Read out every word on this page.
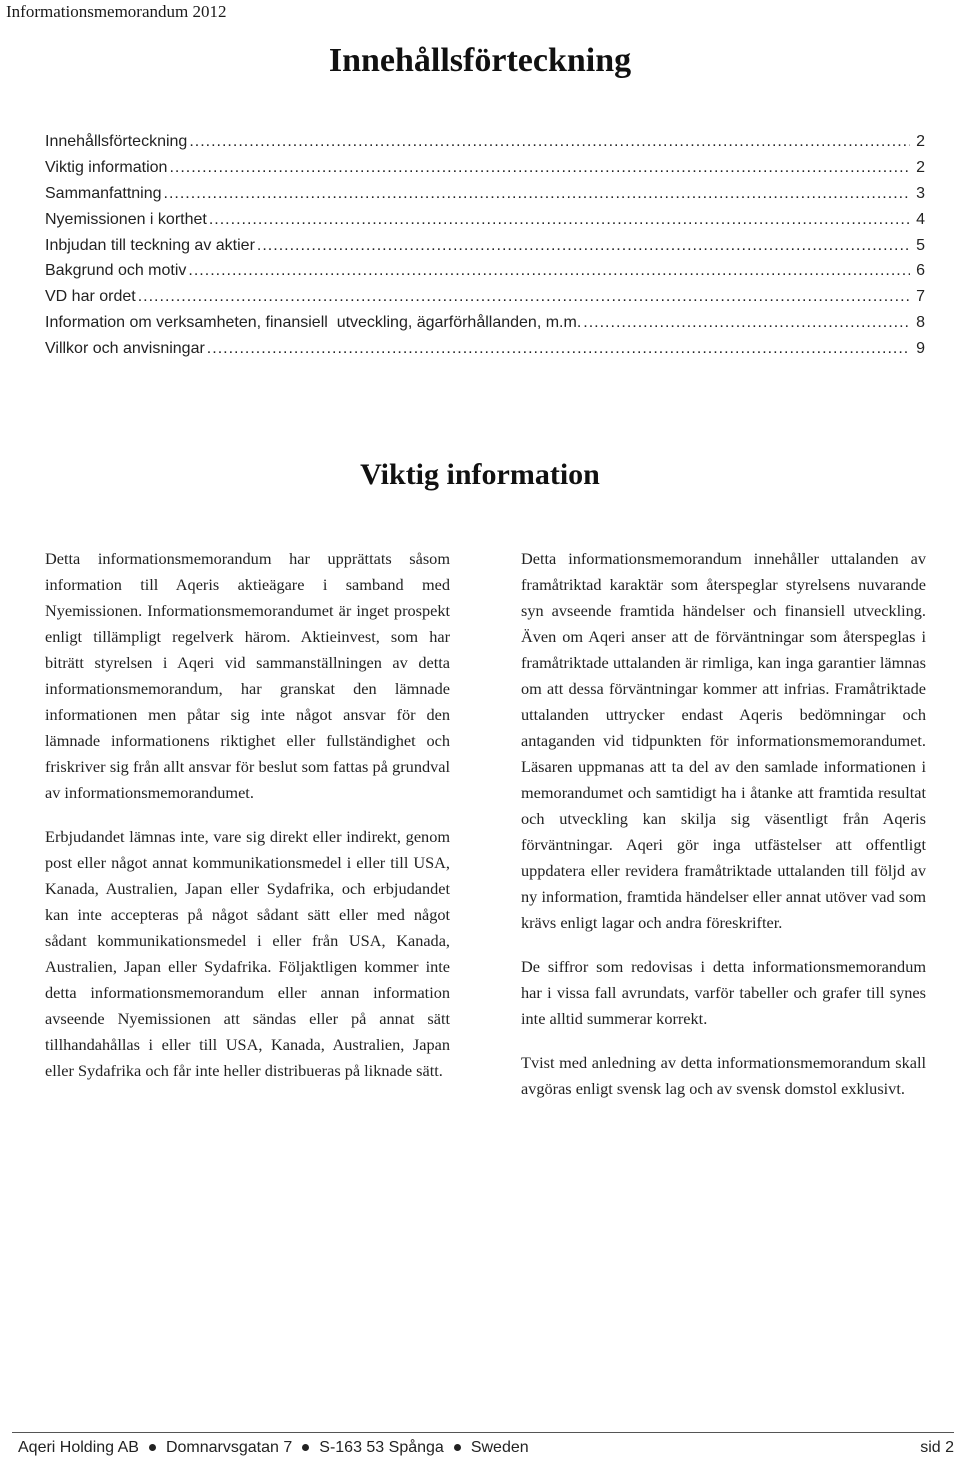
Informationsmemorandum 2012
Innehållsförteckning
Innehållsförteckning .....	2
Viktig information .....	2
Sammanfattning .....	3
Nyemissionen i korthet .....	4
Inbjudan till teckning av aktier .....	5
Bakgrund och motiv .....	6
VD har ordet .....	7
Information om verksamheten, finansiell  utveckling, ägarförhållanden, m.m. .....	8
Villkor och anvisningar .....	9
Viktig information

Detta informationsmemorandum har upprättats såsom information till Aqeris aktieägare i samband med Nyemissionen. Informationsmemorandumet är inget prospekt enligt tillämpligt regelverk härom. Aktieinvest, som har biträtt styrelsen i Aqeri vid sammanställningen av detta informationsmemorandum, har granskat den lämnade informationen men påtar sig inte något ansvar för den lämnade informationens riktighet eller fullständighet och friskriver sig från allt ansvar för beslut som fattas på grundval av informationsmemorandumet.

Erbjudandet lämnas inte, vare sig direkt eller indirekt, genom post eller något annat kommunikationsmedel i eller till USA, Kanada, Australien, Japan eller Sydafrika, och erbjudandet kan inte accepteras på något sådant sätt eller med något sådant kommunikationsmedel i eller från USA, Kanada, Australien, Japan eller Sydafrika. Följaktligen kommer inte detta informationsmemorandum eller annan information avseende Nyemissionen att sändas eller på annat sätt tillhandahållas i eller till USA, Kanada, Australien, Japan eller Sydafrika och får inte heller distribueras på liknade sätt.

Detta informationsmemorandum innehåller uttalanden av framåtriktad karaktär som återspeglar styrelsens nuvarande syn avseende framtida händelser och finansiell utveckling. Även om Aqeri anser att de förväntningar som återspeglas i framåtriktade uttalanden är rimliga, kan inga garantier lämnas om att dessa förväntningar kommer att infrias. Framåtriktade uttalanden uttrycker endast Aqeris bedömningar och antaganden vid tidpunkten för informationsmemorandumet. Läsaren uppmanas att ta del av den samlade informationen i memorandumet och samtidigt ha i åtanke att framtida resultat och utveckling kan skilja sig väsentligt från Aqeris förväntningar. Aqeri gör inga utfästelser att offentligt uppdatera eller revidera framåtriktade uttalanden till följd av ny information, framtida händelser eller annat utöver vad som krävs enligt lagar och andra föreskrifter.

De siffror som redovisas i detta informationsmemorandum har i vissa fall avrundats, varför tabeller och grafer till synes inte alltid summerar korrekt.

Tvist med anledning av detta informationsmemorandum skall avgöras enligt svensk lag och av svensk domstol exklusivt.

Aqeri Holding AB Domnarvsgatan 7 S-163 53 Spånga Sweden	sid 2
